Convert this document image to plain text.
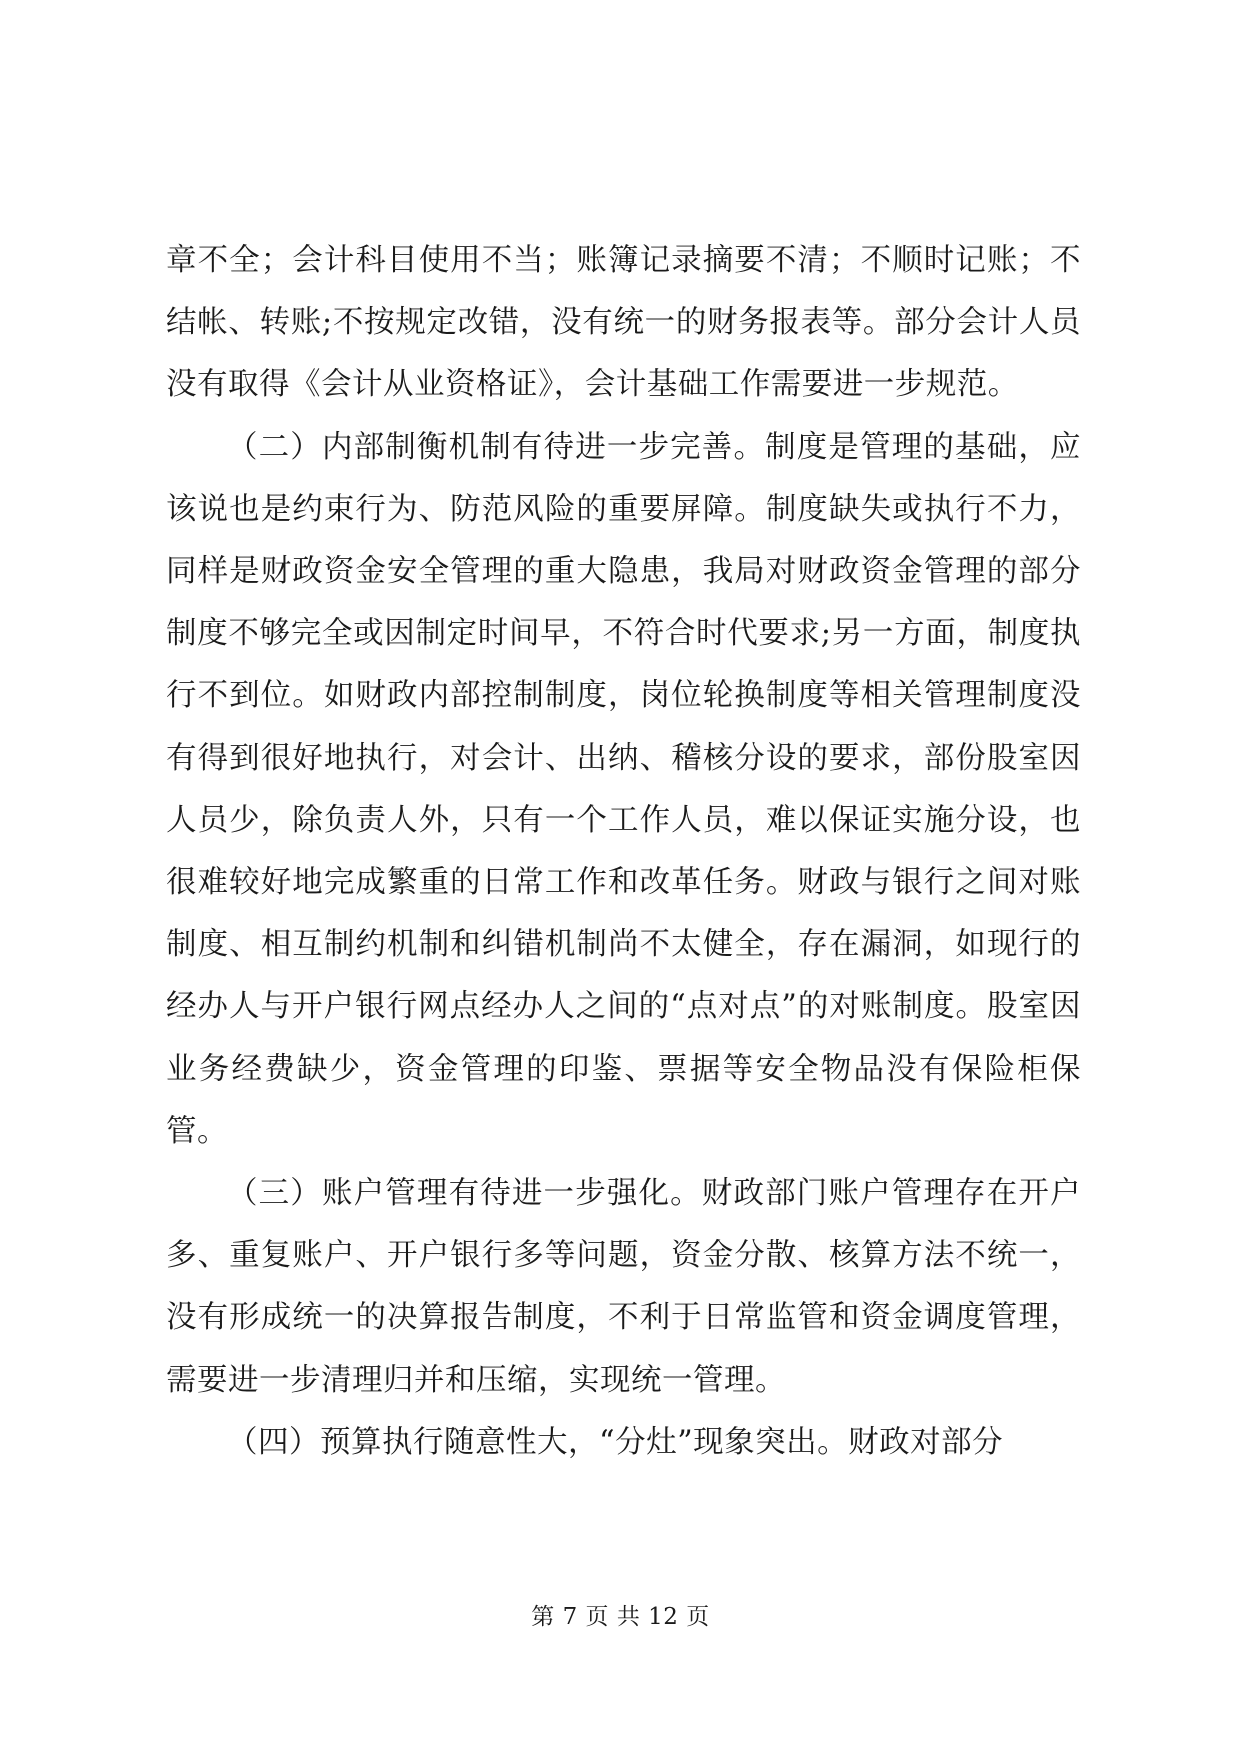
章不全；会计科目使用不当；账簿记录摘要不清；不顺时记账；不结帐、转账;不按规定改错，没有统一的财务报表等。部分会计人员没有取得《会计从业资格证》，会计基础工作需要进一步规范。

（二）内部制衡机制有待进一步完善。制度是管理的基础，应该说也是约束行为、防范风险的重要屏障。制度缺失或执行不力，同样是财政资金安全管理的重大隐患，我局对财政资金管理的部分制度不够完全或因制定时间早，不符合时代要求;另一方面，制度执行不到位。如财政内部控制制度，岗位轮换制度等相关管理制度没有得到很好地执行，对会计、出纳、稽核分设的要求，部份股室因人员少，除负责人外，只有一个工作人员，难以保证实施分设，也很难较好地完成繁重的日常工作和改革任务。财政与银行之间对账制度、相互制约机制和纠错机制尚不太健全，存在漏洞，如现行的经办人与开户银行网点经办人之间的“点对点”的对账制度。股室因业务经费缺少，资金管理的印鉴、票据等安全物品没有保险柜保管。

（三）账户管理有待进一步强化。财政部门账户管理存在开户多、重复账户、开户银行多等问题，资金分散、核算方法不统一，没有形成统一的决算报告制度，不利于日常监管和资金调度管理，需要进一步清理归并和压缩，实现统一管理。

（四）预算执行随意性大，“分灶”现象突出。财政对部分

第 7 页 共 12 页
